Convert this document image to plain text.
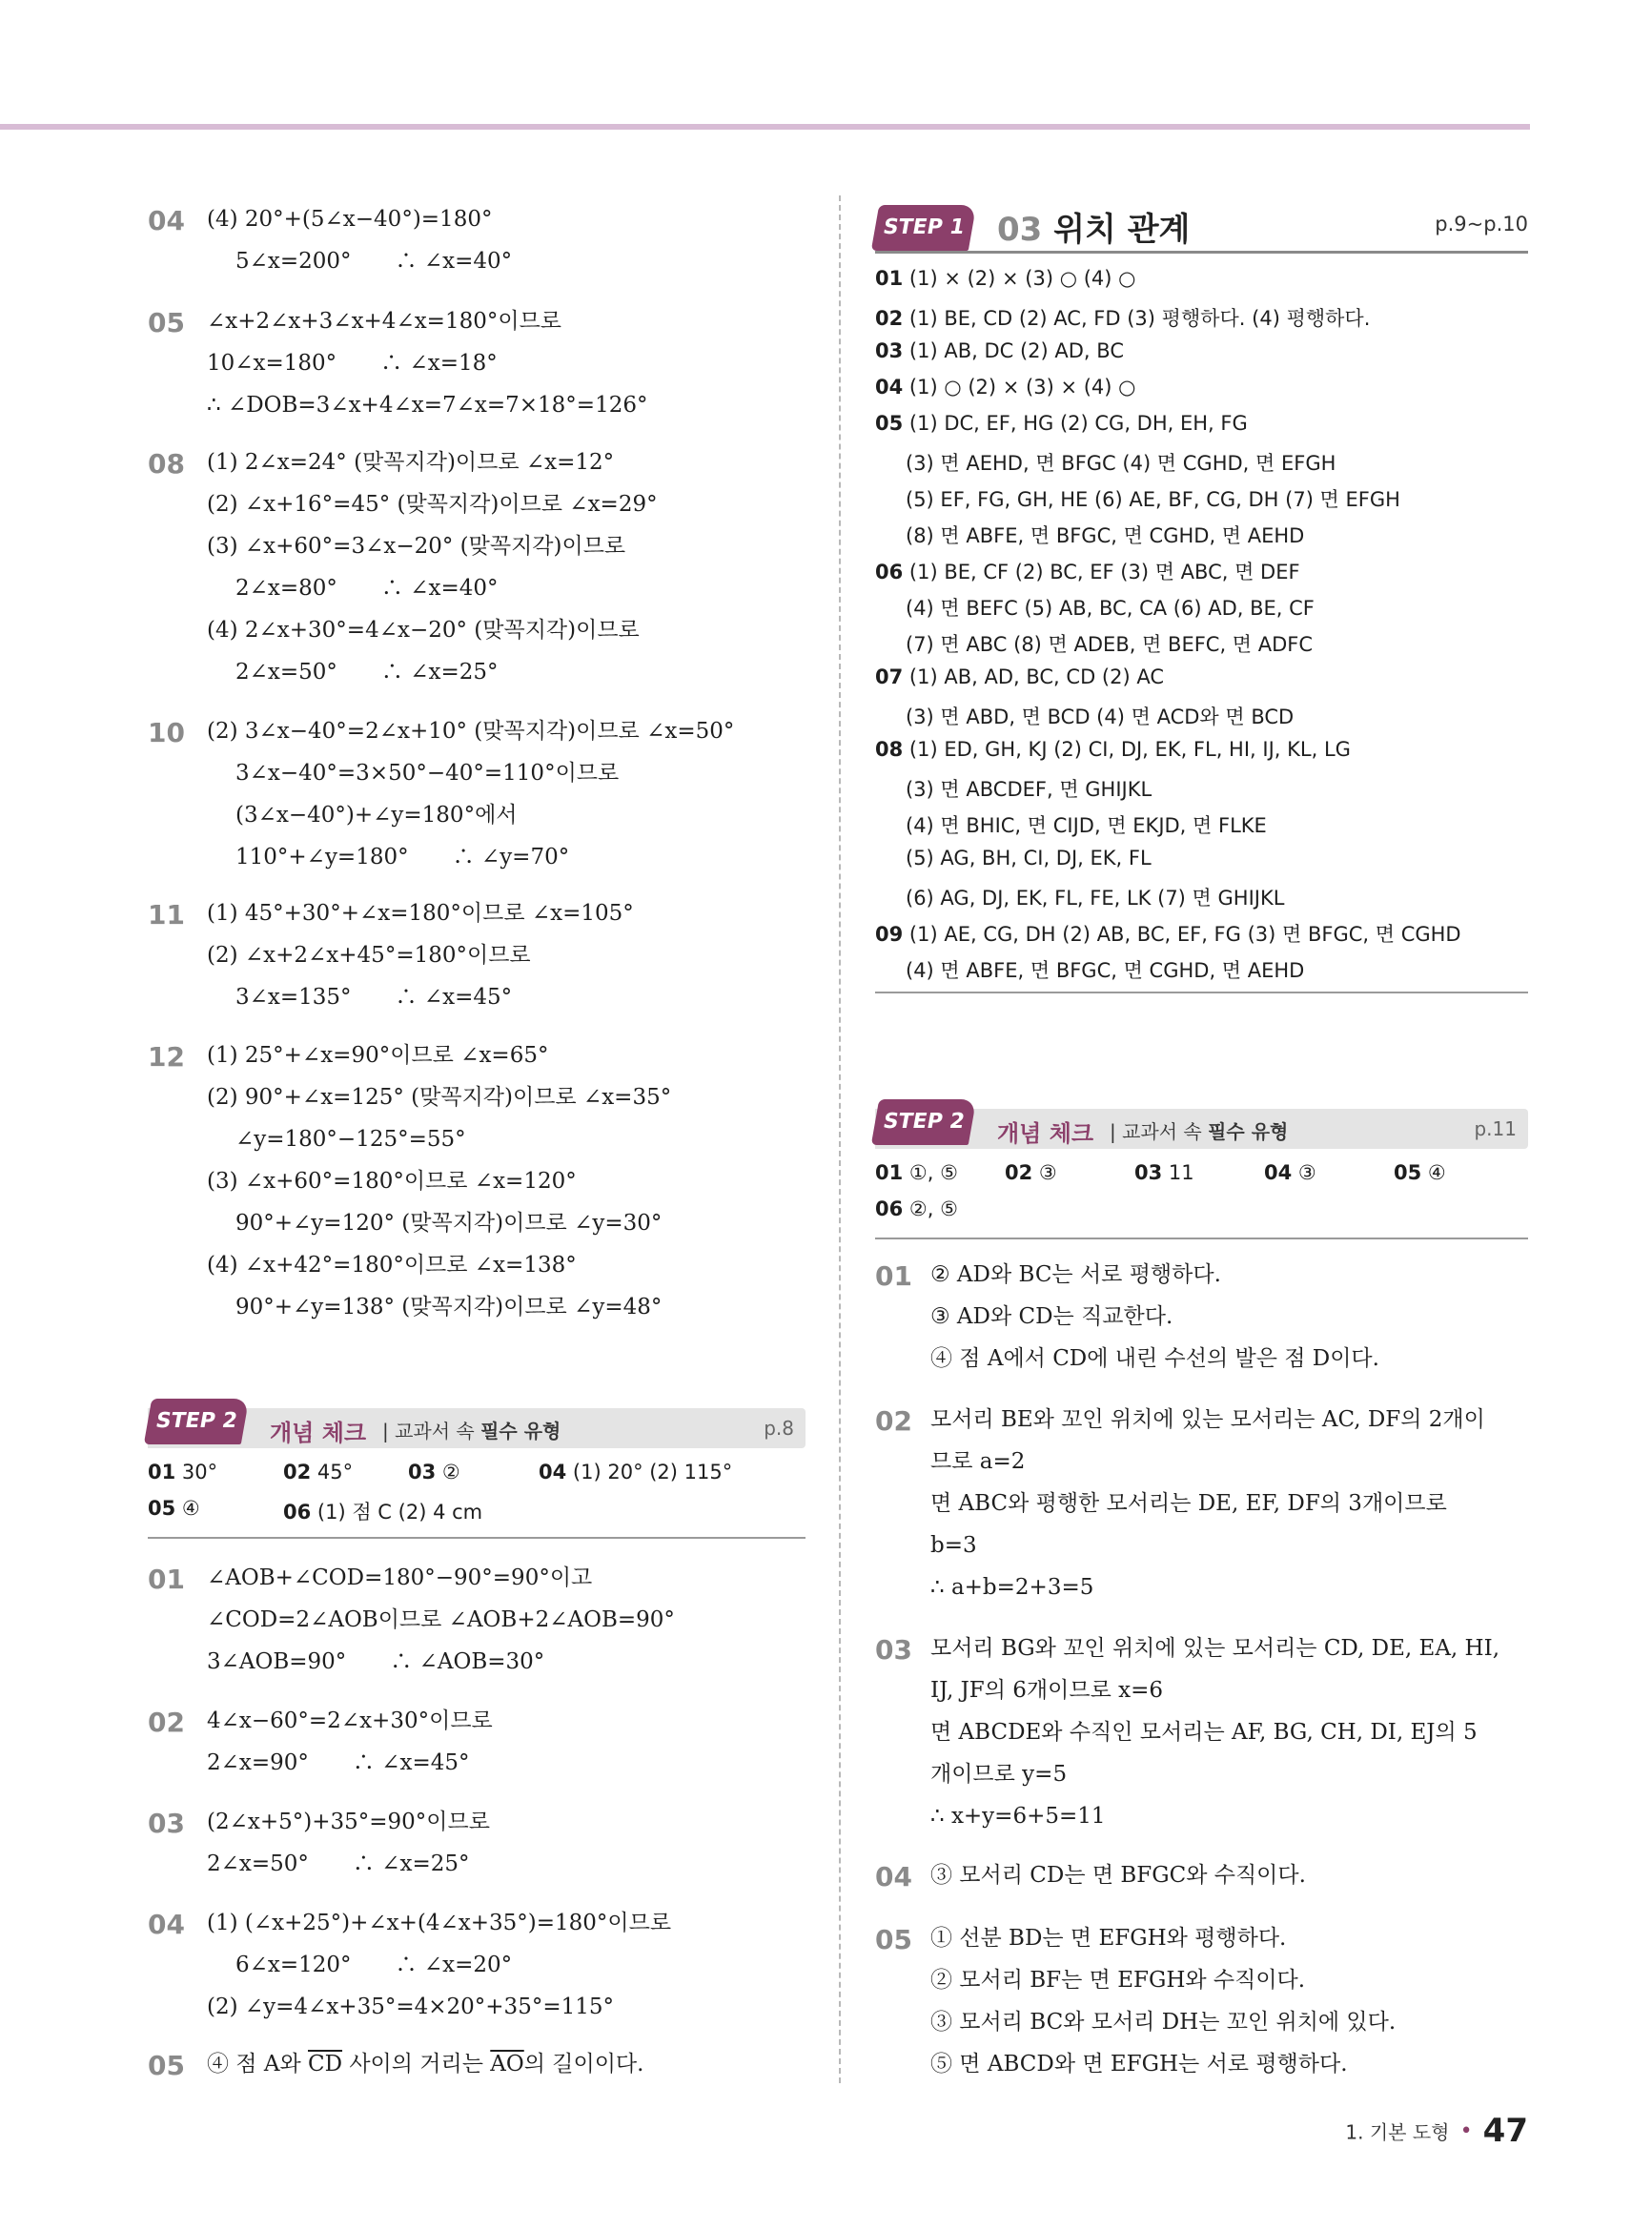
04 (4) 20°+(5∠x−40°)=180°
5∠x=200°　　∴ ∠x=40°
05 ∠x+2∠x+3∠x+4∠x=180°이므로
10∠x=180°　　∴ ∠x=18°
∴ ∠DOB=3∠x+4∠x=7∠x=7×18°=126°
08 (1) 2∠x=24° (맞꼭지각)이므로 ∠x=12°
(2) ∠x+16°=45° (맞꼭지각)이므로 ∠x=29°
(3) ∠x+60°=3∠x−20° (맞꼭지각)이므로
2∠x=80°　　∴ ∠x=40°
(4) 2∠x+30°=4∠x−20° (맞꼭지각)이므로
2∠x=50°　　∴ ∠x=25°
10 (2) 3∠x−40°=2∠x+10° (맞꼭지각)이므로 ∠x=50°
3∠x−40°=3×50°−40°=110°이므로
(3∠x−40°)+∠y=180°에서
110°+∠y=180°　　∴ ∠y=70°
11 (1) 45°+30°+∠x=180°이므로 ∠x=105°
(2) ∠x+2∠x+45°=180°이므로
3∠x=135°　　∴ ∠x=45°
12 (1) 25°+∠x=90°이므로 ∠x=65°
(2) 90°+∠x=125° (맞꼭지각)이므로 ∠x=35°
∠y=180°−125°=55°
(3) ∠x+60°=180°이므로 ∠x=120°
90°+∠y=120° (맞꼭지각)이므로 ∠y=30°
(4) ∠x+42°=180°이므로 ∠x=138°
90°+∠y=138° (맞꼭지각)이므로 ∠y=48°
STEP 2	개념 체크 | 교과서 속 필수 유형	p.8
01 30°	02 45°	03 ②	04 (1) 20° (2) 115°
05 ④	06 (1) 점 C (2) 4 cm
01 ∠AOB+∠COD=180°−90°=90°이고
∠COD=2∠AOB이므로 ∠AOB+2∠AOB=90°
3∠AOB=90°　　∴ ∠AOB=30°
02 4∠x−60°=2∠x+30°이므로
2∠x=90°　　∴ ∠x=45°
03 (2∠x+5°)+35°=90°이므로
2∠x=50°　　∴ ∠x=25°
04 (1) (∠x+25°)+∠x+(4∠x+35°)=180°이므로
6∠x=120°　　∴ ∠x=20°
(2) ∠y=4∠x+35°=4×20°+35°=115°
05 ④ 점 A와 $\overline{CD}$ 사이의 거리는 $\overline{AO}$의 길이이다.
STEP 1 03 위치 관계	p.9~p.10
01 (1) × (2) × (3) ○ (4) ○
02 (1) BE, CD (2) AC, FD (3) 평행하다. (4) 평행하다.
03 (1) AB, DC (2) AD, BC
04 (1) ○ (2) × (3) × (4) ○
05 (1) DC, EF, HG (2) CG, DH, EH, FG
(3) 면 AEHD, 면 BFGC (4) 면 CGHD, 면 EFGH
(5) EF, FG, GH, HE (6) AE, BF, CG, DH (7) 면 EFGH
(8) 면 ABFE, 면 BFGC, 면 CGHD, 면 AEHD
06 (1) BE, CF (2) BC, EF (3) 면 ABC, 면 DEF
(4) 면 BEFC (5) AB, BC, CA (6) AD, BE, CF
(7) 면 ABC (8) 면 ADEB, 면 BEFC, 면 ADFC
07 (1) AB, AD, BC, CD (2) AC
(3) 면 ABD, 면 BCD (4) 면 ACD와 면 BCD
08 (1) ED, GH, KJ (2) CI, DJ, EK, FL, HI, IJ, KL, LG
(3) 면 ABCDEF, 면 GHIJKL
(4) 면 BHIC, 면 CIJD, 면 EKJD, 면 FLKE
(5) AG, BH, CI, DJ, EK, FL
(6) AG, DJ, EK, FL, FE, LK (7) 면 GHIJKL
09 (1) AE, CG, DH (2) AB, BC, EF, FG (3) 면 BFGC, 면 CGHD
(4) 면 ABFE, 면 BFGC, 면 CGHD, 면 AEHD
STEP 2	개념 체크 | 교과서 속 필수 유형	p.11
01 ①, ⑤ 02 ③	03 11	04 ③	05 ④
06 ②, ⑤
01 ② AD와 BC는 서로 평행하다.
③ AD와 CD는 직교한다.
④ 점 A에서 CD에 내린 수선의 발은 점 D이다.
02 모서리 BE와 꼬인 위치에 있는 모서리는 AC, DF의 2개이
므로 a=2
면 ABC와 평행한 모서리는 DE, EF, DF의 3개이므로
b=3
∴ a+b=2+3=5
03 모서리 BG와 꼬인 위치에 있는 모서리는 CD, DE, EA, HI,
IJ, JF의 6개이므로 x=6
면 ABCDE와 수직인 모서리는 AF, BG, CH, DI, EJ의 5
개이므로 y=5
∴ x+y=6+5=11
04 ③ 모서리 CD는 면 BFGC와 수직이다.
05 ① 선분 BD는 면 EFGH와 평행하다.
② 모서리 BF는 면 EFGH와 수직이다.
③ 모서리 BC와 모서리 DH는 꼬인 위치에 있다.
⑤ 면 ABCD와 면 EFGH는 서로 평행하다.
1. 기본 도형 • 47
